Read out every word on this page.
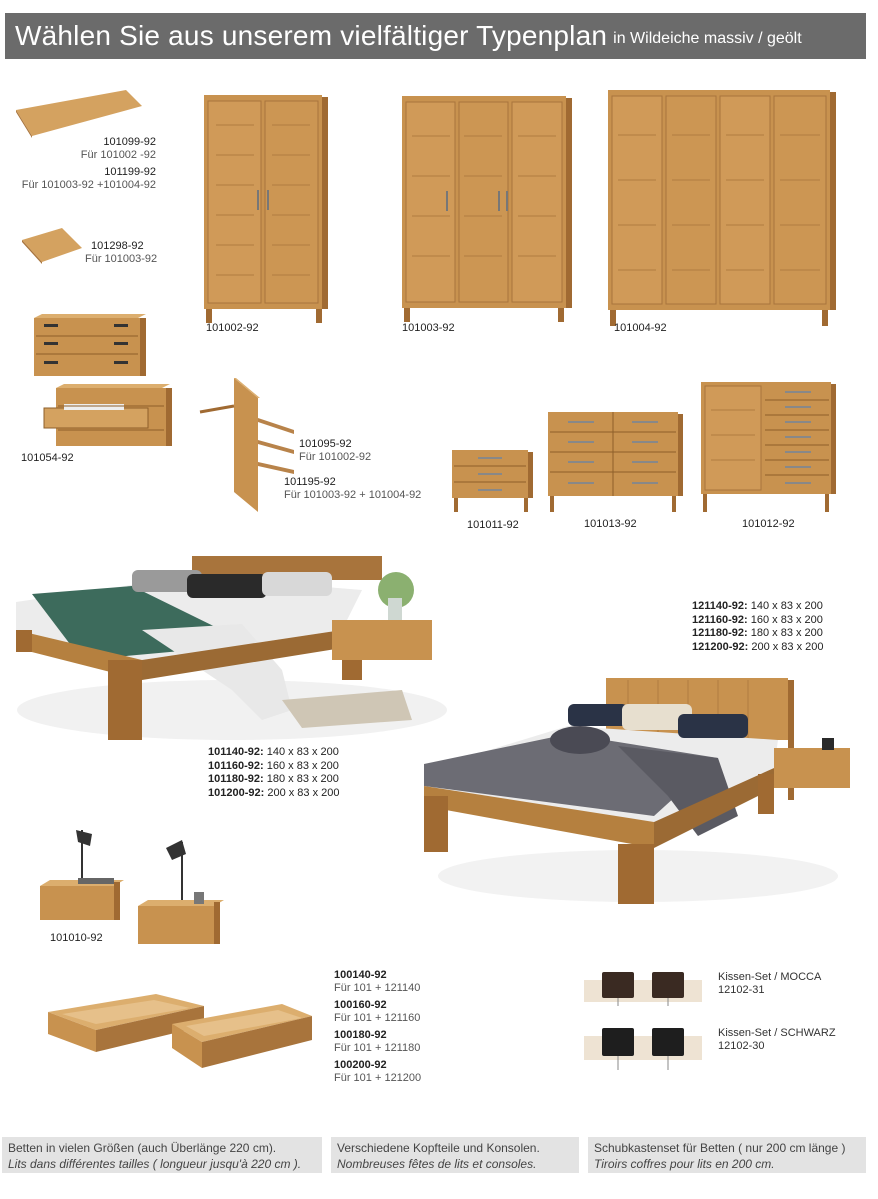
Wählen Sie aus unserem vielfältiger Typenplan in Wildeiche massiv / geölt
101099-92
Für 101002 -92
101199-92
Für 101003-92 +101004-92
101298-92
Für 101003-92
101002-92	101003-92	101004-92
101054-92
101095-92
Für 101002-92
101195-92
Für 101003-92 + 101004-92
101011-92	101013-92	101012-92
101140-92: 140 x 83 x 200
101160-92: 160 x 83 x 200
101180-92: 180 x 83 x 200
101200-92: 200 x 83 x 200
121140-92: 140 x 83 x 200
121160-92: 160 x 83 x 200
121180-92: 180 x 83 x 200
121200-92: 200 x 83 x 200
101010-92
100140-92
Für 101 + 121140
100160-92
Für 101 + 121160
100180-92
Für 101 + 121180
100200-92
Für 101 + 121200
Kissen-Set / MOCCA
12102-31
Kissen-Set / SCHWARZ
12102-30
Betten in vielen Größen (auch Überlänge 220 cm).
Lits dans différentes tailles ( longueur jusqu'à 220 cm ).
Verschiedene Kopfteile und Konsolen.
Nombreuses fêtes de lits et consoles.
Schubkastenset für Betten ( nur 200 cm länge )
Tiroirs coffres pour lits en 200 cm.
